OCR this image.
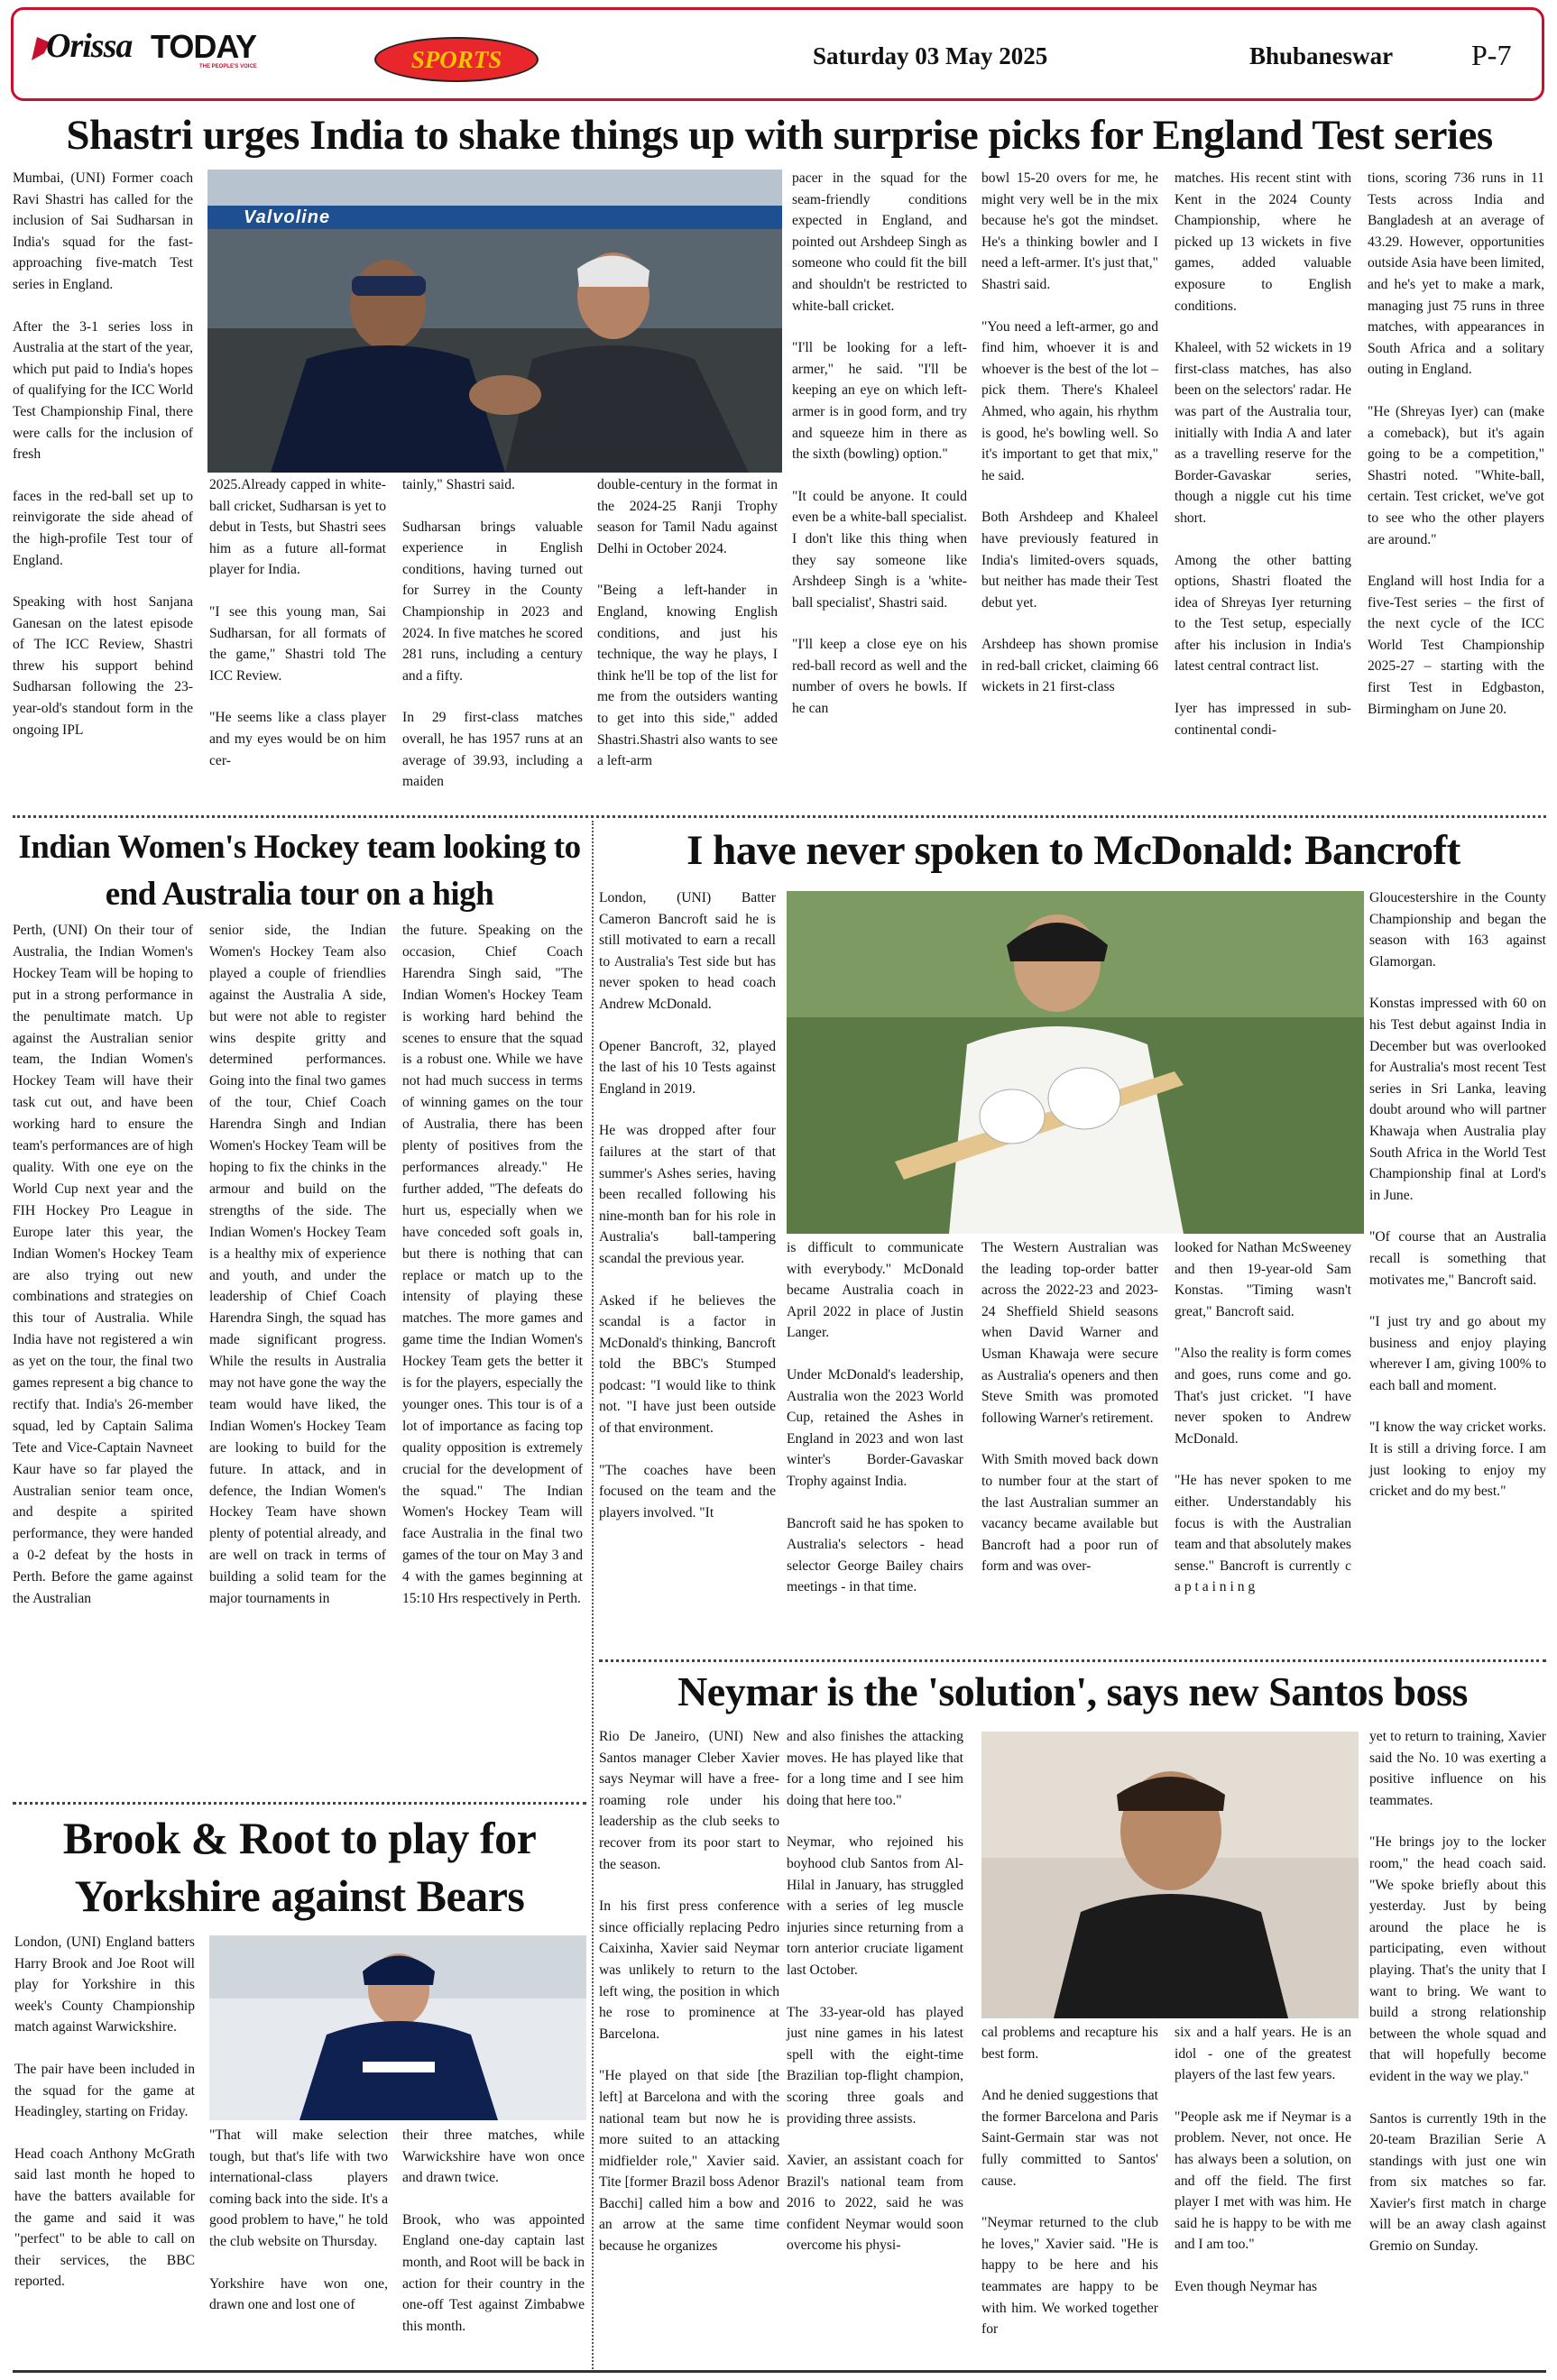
Orissa TODAY
THE PEOPLE'S VOICE	SPORTS	Saturday 03 May 2025	Bhubaneswar	P-7
Shastri urges India to shake things up with surprise picks for England Test series

Mumbai, (UNI) Former coach Ravi Shastri has called for the inclusion of Sai Sudharsan in India's squad for the fast-approaching five-match Test series in England.

After the 3-1 series loss in Australia at the start of the year, which put paid to India's hopes of qualifying for the ICC World Test Championship Final, there were calls for the inclusion of fresh

faces in the red-ball set up to reinvigorate the side ahead of the high-profile Test tour of England.

Speaking with host Sanjana Ganesan on the latest episode of The ICC Review, Shastri threw his support behind Sudharsan following the 23-year-old's standout form in the ongoing IPL

Valvoline

2025.Already capped in white-ball cricket, Sudharsan is yet to debut in Tests, but Shastri sees him as a future all-format player for India.

"I see this young man, Sai Sudharsan, for all formats of the game," Shastri told The ICC Review.

"He seems like a class player and my eyes would be on him cer-

tainly," Shastri said.

Sudharsan brings valuable experience in English conditions, having turned out for Surrey in the County Championship in 2023 and 2024. In five matches he scored 281 runs, including a century and a fifty.

In 29 first-class matches overall, he has 1957 runs at an average of 39.93, including a maiden

double-century in the format in the 2024-25 Ranji Trophy season for Tamil Nadu against Delhi in October 2024.

"Being a left-hander in England, knowing English conditions, and just his technique, the way he plays, I think he'll be top of the list for me from the outsiders wanting to get into this side," added Shastri.Shastri also wants to see a left-arm

pacer in the squad for the seam-friendly conditions expected in England, and pointed out Arshdeep Singh as someone who could fit the bill and shouldn't be restricted to white-ball cricket.

"I'll be looking for a left-armer," he said. "I'll be keeping an eye on which left-armer is in good form, and try and squeeze him in there as the sixth (bowling) option."

"It could be anyone. It could even be a white-ball specialist. I don't like this thing when they say someone like Arshdeep Singh is a 'white-ball specialist', Shastri said.

"I'll keep a close eye on his red-ball record as well and the number of overs he bowls. If he can

bowl 15-20 overs for me, he might very well be in the mix because he's got the mindset. He's a thinking bowler and I need a left-armer. It's just that," Shastri said.

"You need a left-armer, go and find him, whoever it is and whoever is the best of the lot – pick them. There's Khaleel Ahmed, who again, his rhythm is good, he's bowling well. So it's important to get that mix," he said.

Both Arshdeep and Khaleel have previously featured in India's limited-overs squads, but neither has made their Test debut yet.

Arshdeep has shown promise in red-ball cricket, claiming 66 wickets in 21 first-class

matches. His recent stint with Kent in the 2024 County Championship, where he picked up 13 wickets in five games, added valuable exposure to English conditions.

Khaleel, with 52 wickets in 19 first-class matches, has also been on the selectors' radar. He was part of the Australia tour, initially with India A and later as a travelling reserve for the Border-Gavaskar series, though a niggle cut his time short.

Among the other batting options, Shastri floated the idea of Shreyas Iyer returning to the Test setup, especially after his inclusion in India's latest central contract list.

Iyer has impressed in sub-continental condi-

tions, scoring 736 runs in 11 Tests across India and Bangladesh at an average of 43.29. However, opportunities outside Asia have been limited, and he's yet to make a mark, managing just 75 runs in three matches, with appearances in South Africa and a solitary outing in England.

"He (Shreyas Iyer) can (make a comeback), but it's again going to be a competition," Shastri noted. "White-ball, certain. Test cricket, we've got to see who the other players are around."

England will host India for a five-Test series – the first of the next cycle of the ICC World Test Championship 2025-27 – starting with the first Test in Edgbaston, Birmingham on June 20.

Indian Women's Hockey team looking to end Australia tour on a high
Perth, (UNI) On their tour of Australia, the Indian Women's Hockey Team will be hoping to put in a strong performance in the penultimate match. Up against the Australian senior team, the Indian Women's Hockey Team will have their task cut out, and have been working hard to ensure the team's performances are of high quality. With one eye on the World Cup next year and the FIH Hockey Pro League in Europe later this year, the Indian Women's Hockey Team are also trying out new combinations and strategies on this tour of Australia. While India have not registered a win as yet on the tour, the final two games represent a big chance to rectify that. India's 26-member squad, led by Captain Salima Tete and Vice-Captain Navneet Kaur have so far played the Australian senior team once, and despite a spirited performance, they were handed a 0-2 defeat by the hosts in Perth. Before the game against the Australian
senior side, the Indian Women's Hockey Team also played a couple of friendlies against the Australia A side, but were not able to register wins despite gritty and determined performances. Going into the final two games of the tour, Chief Coach Harendra Singh and Indian Women's Hockey Team will be hoping to fix the chinks in the armour and build on the strengths of the side. The Indian Women's Hockey Team is a healthy mix of experience and youth, and under the leadership of Chief Coach Harendra Singh, the squad has made significant progress. While the results in Australia may not have gone the way the team would have liked, the Indian Women's Hockey Team are looking to build for the future. In attack, and in defence, the Indian Women's Hockey Team have shown plenty of potential already, and are well on track in terms of building a solid team for the major tournaments in
the future. Speaking on the occasion, Chief Coach Harendra Singh said, "The Indian Women's Hockey Team is working hard behind the scenes to ensure that the squad is a robust one. While we have not had much success in terms of winning games on the tour of Australia, there has been plenty of positives from the performances already." He further added, "The defeats do hurt us, especially when we have conceded soft goals in, but there is nothing that can replace or match up to the intensity of playing these matches. The more games and game time the Indian Women's Hockey Team gets the better it is for the players, especially the younger ones. This tour is of a lot of importance as facing top quality opposition is extremely crucial for the development of the squad." The Indian Women's Hockey Team will face Australia in the final two games of the tour on May 3 and 4 with the games beginning at 15:10 Hrs respectively in Perth.
Brook & Root to play for Yorkshire against Bears

London, (UNI) England batters Harry Brook and Joe Root will play for Yorkshire in this week's County Championship match against Warwickshire.

The pair have been included in the squad for the game at Headingley, starting on Friday.

Head coach Anthony McGrath said last month he hoped to have the batters available for the game and said it was "perfect" to be able to call on their services, the BBC reported.

"That will make selection tough, but that's life with two international-class players coming back into the side. It's a good problem to have," he told the club website on Thursday.

Yorkshire have won one, drawn one and lost one of

their three matches, while Warwickshire have won once and drawn twice.

Brook, who was appointed England one-day captain last month, and Root will be back in action for their country in the one-off Test against Zimbabwe this month.

I have never spoken to McDonald: Bancroft

London, (UNI) Batter Cameron Bancroft said he is still motivated to earn a recall to Australia's Test side but has never spoken to head coach Andrew McDonald.

Opener Bancroft, 32, played the last of his 10 Tests against England in 2019.

He was dropped after four failures at the start of that summer's Ashes series, having been recalled following his nine-month ban for his role in Australia's ball-tampering scandal the previous year.

Asked if he believes the scandal is a factor in McDonald's thinking, Bancroft told the BBC's Stumped podcast: "I would like to think not. "I have just been outside of that environment.

"The coaches have been focused on the team and the players involved. "It

is difficult to communicate with everybody." McDonald became Australia coach in April 2022 in place of Justin Langer.

Under McDonald's leadership, Australia won the 2023 World Cup, retained the Ashes in England in 2023 and won last winter's Border-Gavaskar Trophy against India.

Bancroft said he has spoken to Australia's selectors - head selector George Bailey chairs meetings - in that time.

The Western Australian was the leading top-order batter across the 2022-23 and 2023-24 Sheffield Shield seasons when David Warner and Usman Khawaja were secure as Australia's openers and then Steve Smith was promoted following Warner's retirement.

With Smith moved back down to number four at the start of the last Australian summer an vacancy became available but Bancroft had a poor run of form and was over-

looked for Nathan McSweeney and then 19-year-old Sam Konstas. "Timing wasn't great," Bancroft said.

"Also the reality is form comes and goes, runs come and go. That's just cricket. "I have never spoken to Andrew McDonald.

"He has never spoken to me either. Understandably his focus is with the Australian team and that absolutely makes sense." Bancroft is currently c a p t a i n i n g

Gloucestershire in the County Championship and began the season with 163 against Glamorgan.

Konstas impressed with 60 on his Test debut against India in December but was overlooked for Australia's most recent Test series in Sri Lanka, leaving doubt around who will partner Khawaja when Australia play South Africa in the World Test Championship final at Lord's in June.

"Of course that an Australia recall is something that motivates me," Bancroft said.

"I just try and go about my business and enjoy playing wherever I am, giving 100% to each ball and moment.

"I know the way cricket works. It is still a driving force. I am just looking to enjoy my cricket and do my best."

Neymar is the 'solution', says new Santos boss

Rio De Janeiro, (UNI) New Santos manager Cleber Xavier says Neymar will have a free-roaming role under his leadership as the club seeks to recover from its poor start to the season.

In his first press conference since officially replacing Pedro Caixinha, Xavier said Neymar was unlikely to return to the left wing, the position in which he rose to prominence at Barcelona.

"He played on that side [the left] at Barcelona and with the national team but now he is more suited to an attacking midfielder role," Xavier said. Tite [former Brazil boss Adenor Bacchi] called him a bow and an arrow at the same time because he organizes

and also finishes the attacking moves. He has played like that for a long time and I see him doing that here too."

Neymar, who rejoined his boyhood club Santos from Al-Hilal in January, has struggled with a series of leg muscle injuries since returning from a torn anterior cruciate ligament last October.

The 33-year-old has played just nine games in his latest spell with the eight-time Brazilian top-flight champion, scoring three goals and providing three assists.

Xavier, an assistant coach for Brazil's national team from 2016 to 2022, said he was confident Neymar would soon overcome his physi-

cal problems and recapture his best form.

And he denied suggestions that the former Barcelona and Paris Saint-Germain star was not fully committed to Santos' cause.

"Neymar returned to the club he loves," Xavier said. "He is happy to be here and his teammates are happy to be with him. We worked together for

six and a half years. He is an idol - one of the greatest players of the last few years.

"People ask me if Neymar is a problem. Never, not once. He has always been a solution, on and off the field. The first player I met with was him. He said he is happy to be with me and I am too."

Even though Neymar has

yet to return to training, Xavier said the No. 10 was exerting a positive influence on his teammates.

"He brings joy to the locker room," the head coach said. "We spoke briefly about this yesterday. Just by being around the place he is participating, even without playing. That's the unity that I want to bring. We want to build a strong relationship between the whole squad and that will hopefully become evident in the way we play."

Santos is currently 19th in the 20-team Brazilian Serie A standings with just one win from six matches so far. Xavier's first match in charge will be an away clash against Gremio on Sunday.
